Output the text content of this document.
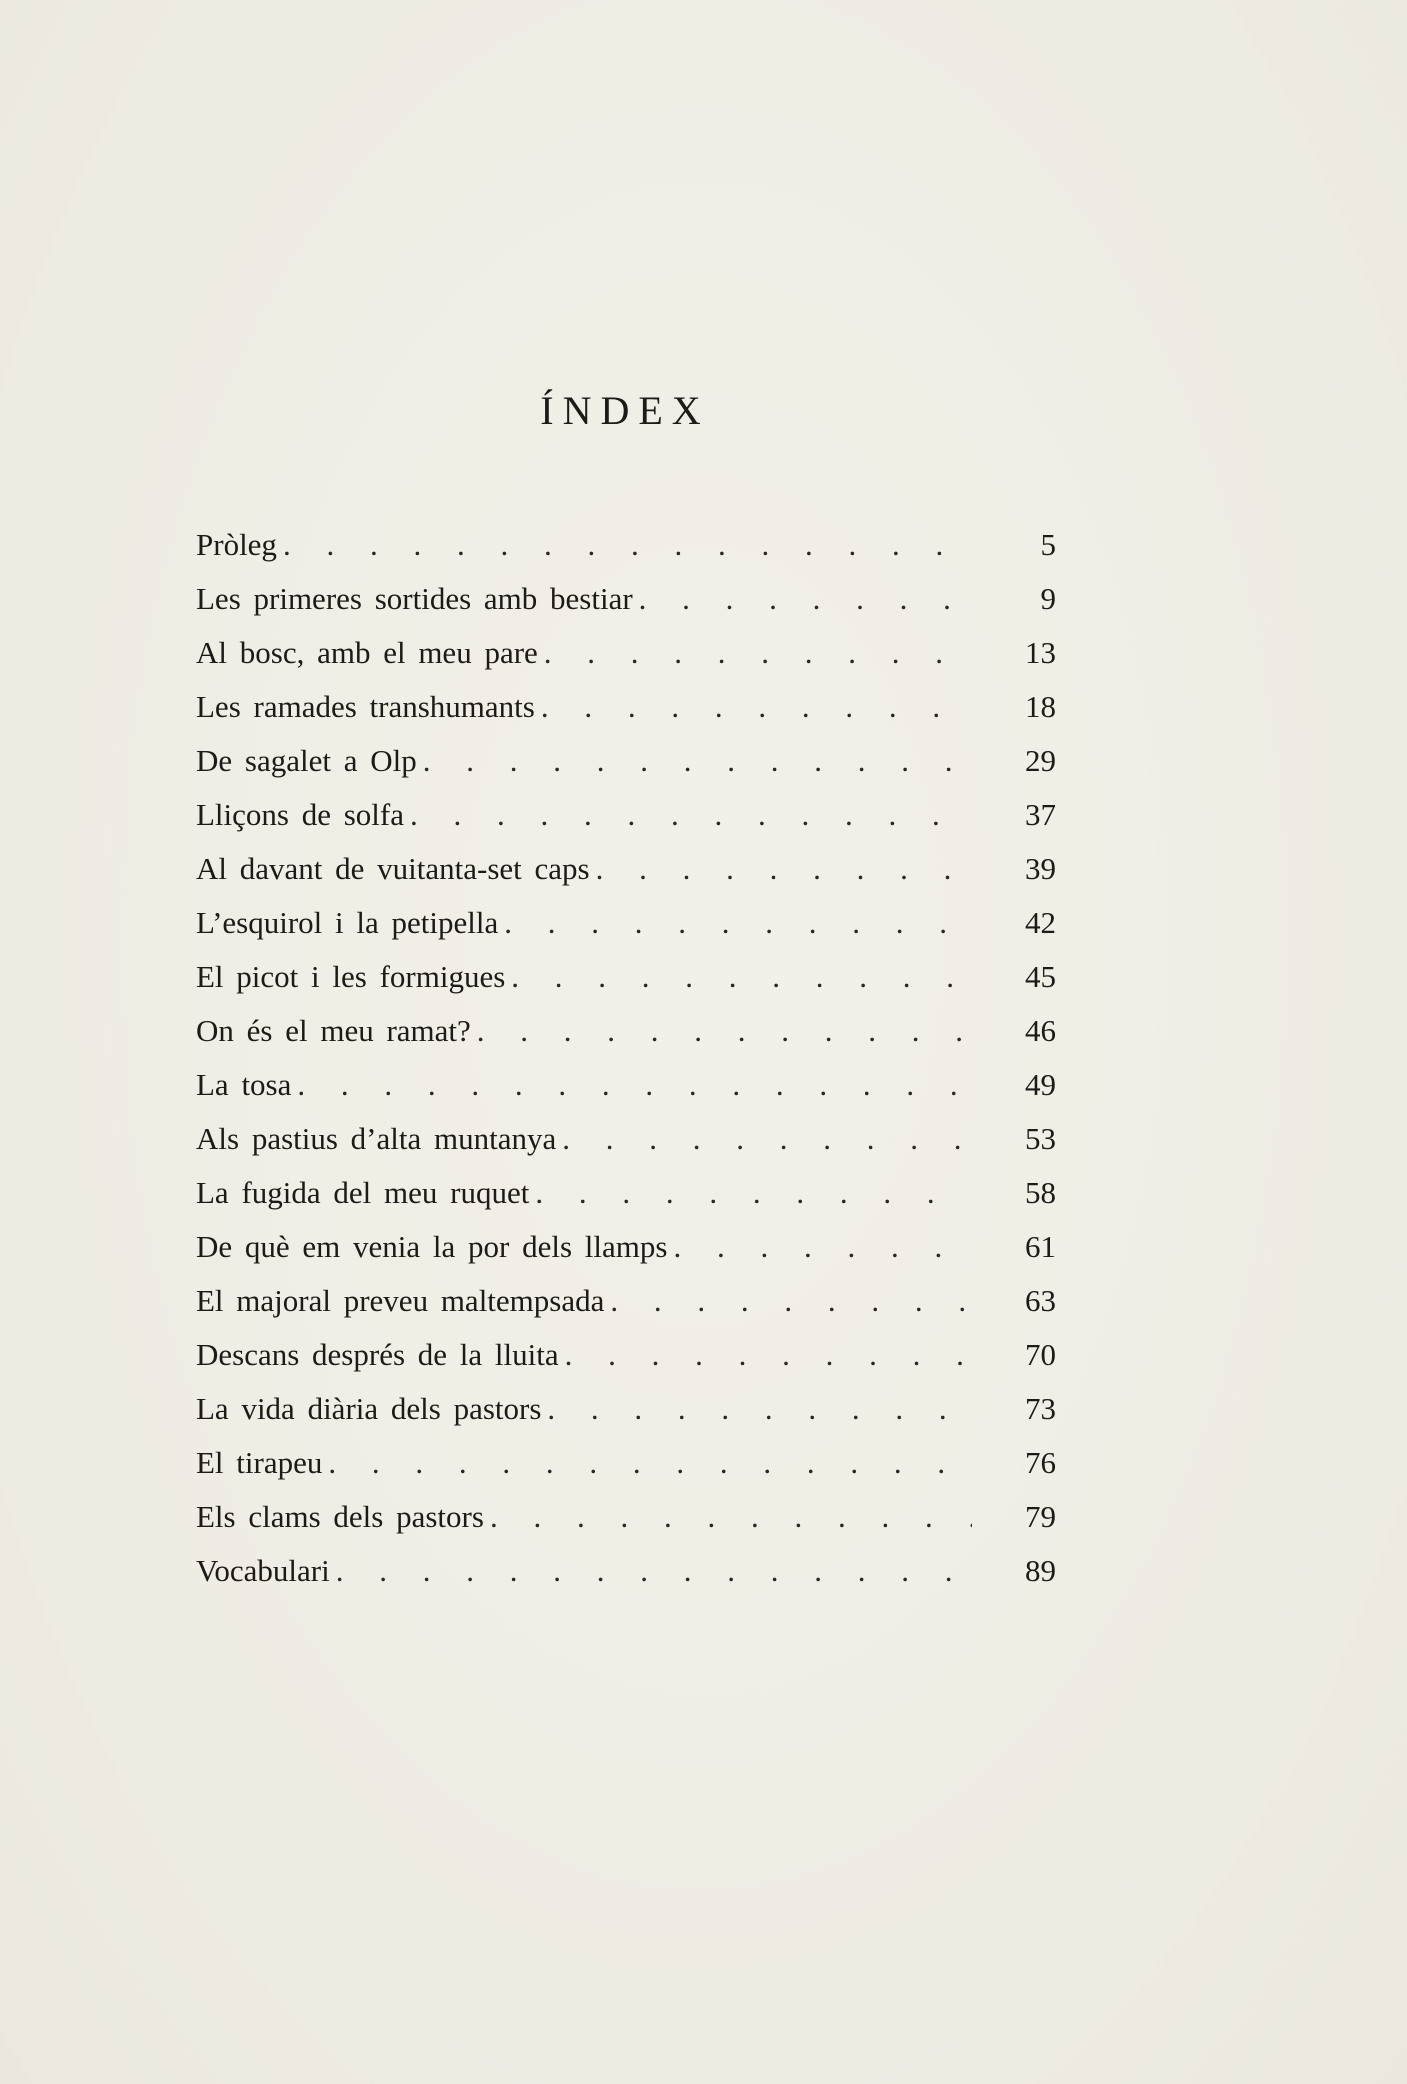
ÍNDEX
Pròleg . . .	5
Les primeres sortides amb bestiar . . .	9
Al bosc, amb el meu pare . . .	13
Les ramades transhumants . . .	18
De sagalet a Olp . . .	29
Lliçons de solfa . . .	37
Al davant de vuitanta-set caps . . .	39
L’esquirol i la petipella . . .	42
El picot i les formigues . . .	45
On és el meu ramat? . . .	46
La tosa . . .	49
Als pastius d’alta muntanya . . .	53
La fugida del meu ruquet . . .	58
De què em venia la por dels llamps . . .	61
El majoral preveu maltempsada . . .	63
Descans després de la lluita . . .	70
La vida diària dels pastors . . .	73
El tirapeu . . .	76
Els clams dels pastors . . .	79
Vocabulari . . .	89
